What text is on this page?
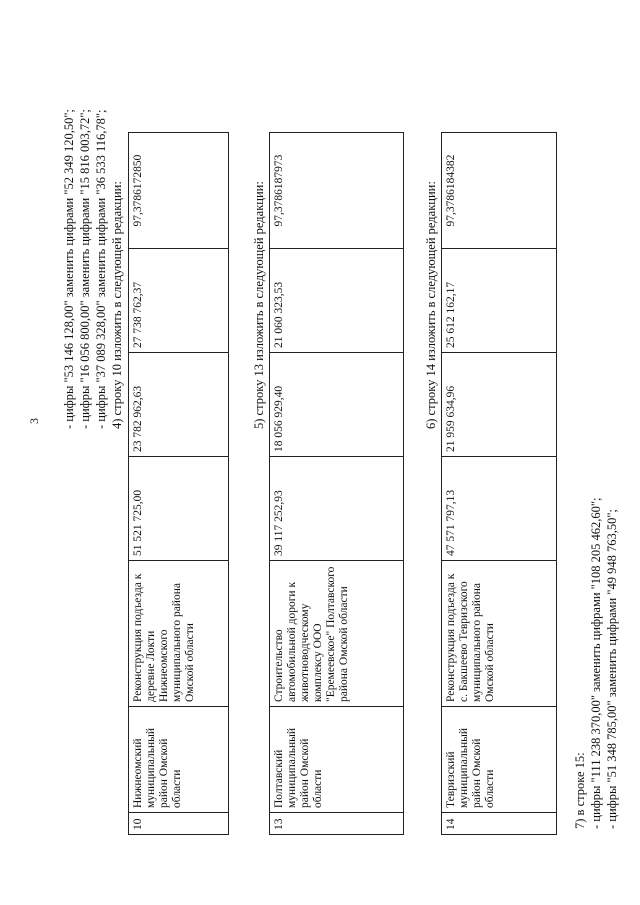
3 - цифры "53 146 128,00" заменить цифрами "52 349 120,50"; - цифры "16 056 800,00" заменить цифрами "15 816 003,72"; - цифры "37 089 328,00" заменить цифрами "36 533 116,78"; 4) строку 10 изложить в следующей редакции:
10	Нижнеомский муниципальный район Омской области	Реконструкция подъезда к деревне Локти Нижнеомского муниципального района Омской области	51 521 725,00	23 782 962,63	27 738 762,37	97,3786172850	5) строку 13 изложить в следующей редакции:
13	Полтавский муниципальный район Омской области	Строительство автомобильной дороги к животноводческому комплексу ООО "Еремеевское" Полтавского района Омской области	39 117 252,93	18 056 929,40	21 060 323,53	97,3786187973	6) строку 14 изложить в следующей редакции:
14	Тевризский муниципальный район Омской области	Реконструкция подъезда к с. Бакшеево Тевризского муниципального района Омской области	47 571 797,13	21 959 634,96	25 612 162,17	97,3786184382
7) в строке 15: - цифры "111 238 370,00" заменить цифрами "108 205 462,60"; - цифры "51 348 785,00" заменить цифрами "49 948 763,50";
